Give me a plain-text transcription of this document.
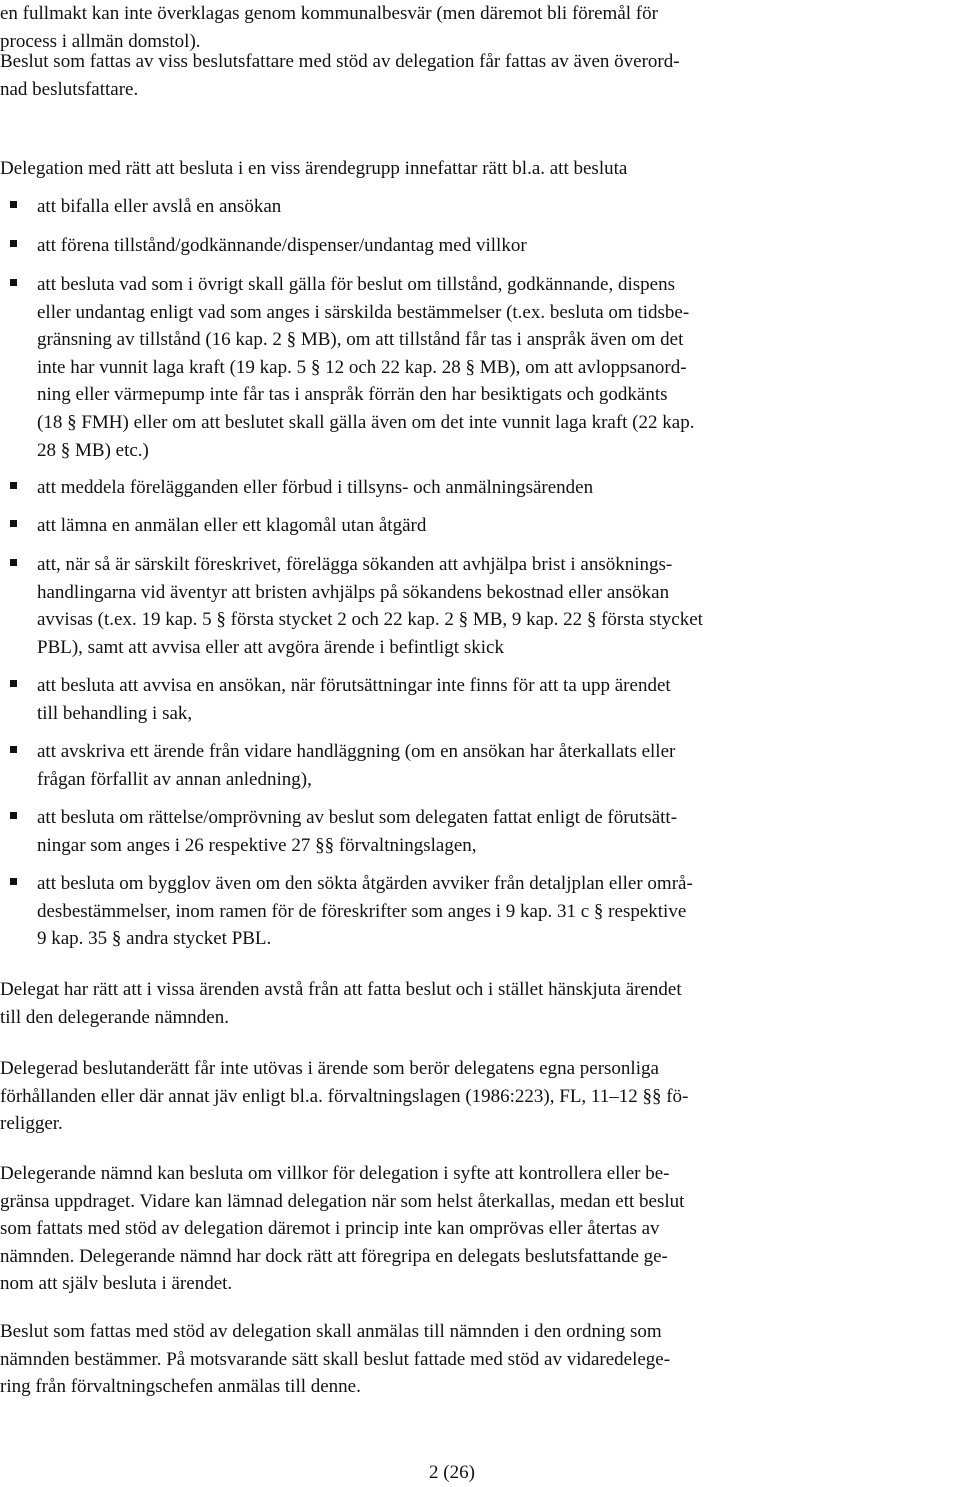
en fullmakt kan inte överklagas genom kommunalbesvär (men däremot bli föremål för
process i allmän domstol).

Beslut som fattas av viss beslutsfattare med stöd av delegation får fattas av även överord-
nad beslutsfattare.

Delegation med rätt att besluta i en viss ärendegrupp innefattar rätt bl.a. att besluta

att bifalla eller avslå en ansökan
att förena tillstånd/godkännande/dispenser/undantag med villkor
att besluta vad som i övrigt skall gälla för beslut om tillstånd, godkännande, dispens
eller undantag enligt vad som anges i särskilda bestämmelser (t.ex. besluta om tidsbe-
gränsning av tillstånd (16 kap. 2 § MB), om att tillstånd får tas i anspråk även om det
inte har vunnit laga kraft (19 kap. 5 § 12 och 22 kap. 28 § MB), om att avloppsanord-
ning eller värmepump inte får tas i anspråk förrän den har besiktigats och godkänts
(18 § FMH) eller om att beslutet skall gälla även om det inte vunnit laga kraft (22 kap.
28 § MB) etc.)
att meddela förelägganden eller förbud i tillsyns- och anmälningsärenden
att lämna en anmälan eller ett klagomål utan åtgärd
att, när så är särskilt föreskrivet, förelägga sökanden att avhjälpa brist i ansöknings-
handlingarna vid äventyr att bristen avhjälps på sökandens bekostnad eller ansökan
avvisas (t.ex. 19 kap. 5 § första stycket 2 och 22 kap. 2 § MB, 9 kap. 22 § första stycket
PBL), samt att avvisa eller att avgöra ärende i befintligt skick
att besluta att avvisa en ansökan, när förutsättningar inte finns för att ta upp ärendet
till behandling i sak,
att avskriva ett ärende från vidare handläggning (om en ansökan har återkallats eller
frågan förfallit av annan anledning),
att besluta om rättelse/omprövning av beslut som delegaten fattat enligt de förutsätt-
ningar som anges i 26 respektive 27 §§ förvaltningslagen,
att besluta om bygglov även om den sökta åtgärden avviker från detaljplan eller områ-
desbestämmelser, inom ramen för de föreskrifter som anges i 9 kap. 31 c § respektive
9 kap. 35 § andra stycket PBL.

Delegat har rätt att i vissa ärenden avstå från att fatta beslut och i stället hänskjuta ärendet
till den delegerande nämnden.

Delegerad beslutanderätt får inte utövas i ärende som berör delegatens egna personliga
förhållanden eller där annat jäv enligt bl.a. förvaltningslagen (1986:223), FL, 11–12 §§ fö-
religger.

Delegerande nämnd kan besluta om villkor för delegation i syfte att kontrollera eller be-
gränsa uppdraget. Vidare kan lämnad delegation när som helst återkallas, medan ett beslut
som fattats med stöd av delegation däremot i princip inte kan omprövas eller återtas av
nämnden. Delegerande nämnd har dock rätt att föregripa en delegats beslutsfattande ge-
nom att själv besluta i ärendet.

Beslut som fattas med stöd av delegation skall anmälas till nämnden i den ordning som
nämnden bestämmer. På motsvarande sätt skall beslut fattade med stöd av vidaredelege-
ring från förvaltningschefen anmälas till denne.

2 (26)
